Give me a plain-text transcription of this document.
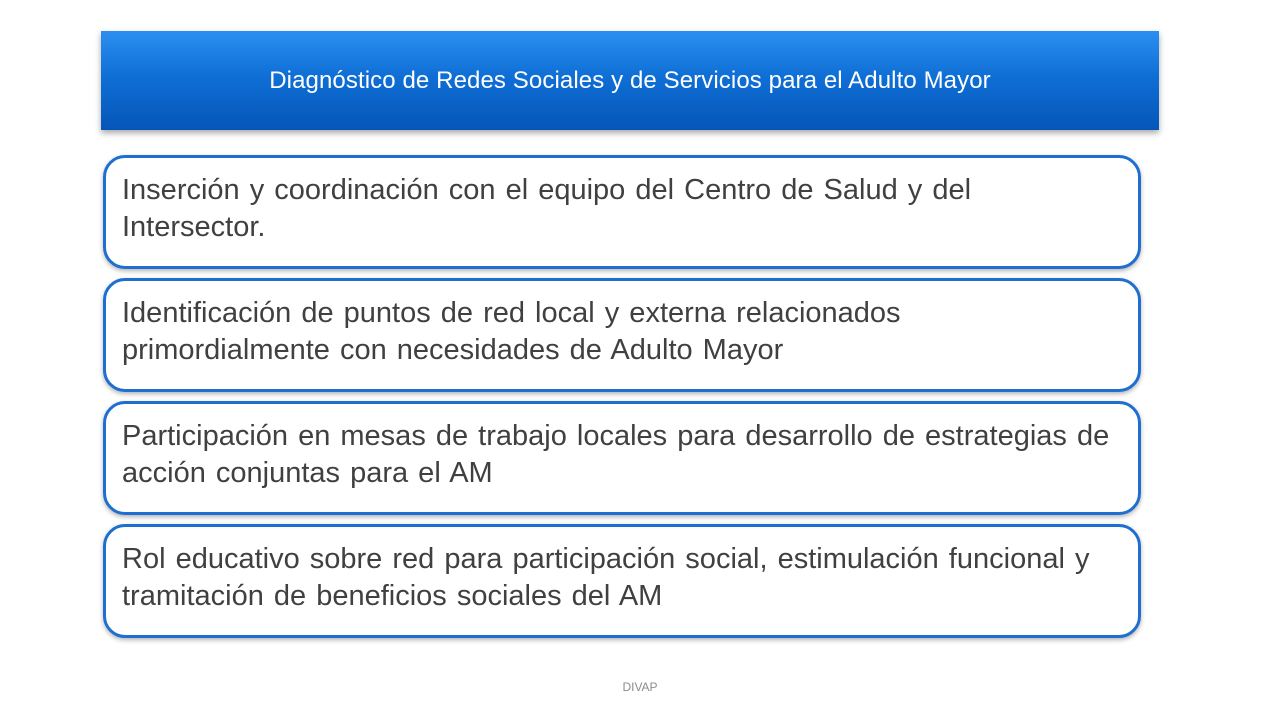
Diagnóstico de Redes Sociales y de Servicios para el Adulto Mayor
Inserción y coordinación con el equipo del Centro de Salud y del Intersector.
Identificación de puntos de red local y externa relacionados primordialmente con necesidades de Adulto Mayor
Participación en mesas de trabajo locales para desarrollo de estrategias de acción conjuntas para el AM
Rol educativo sobre red para participación social, estimulación funcional y tramitación de beneficios sociales del AM
DIVAP
